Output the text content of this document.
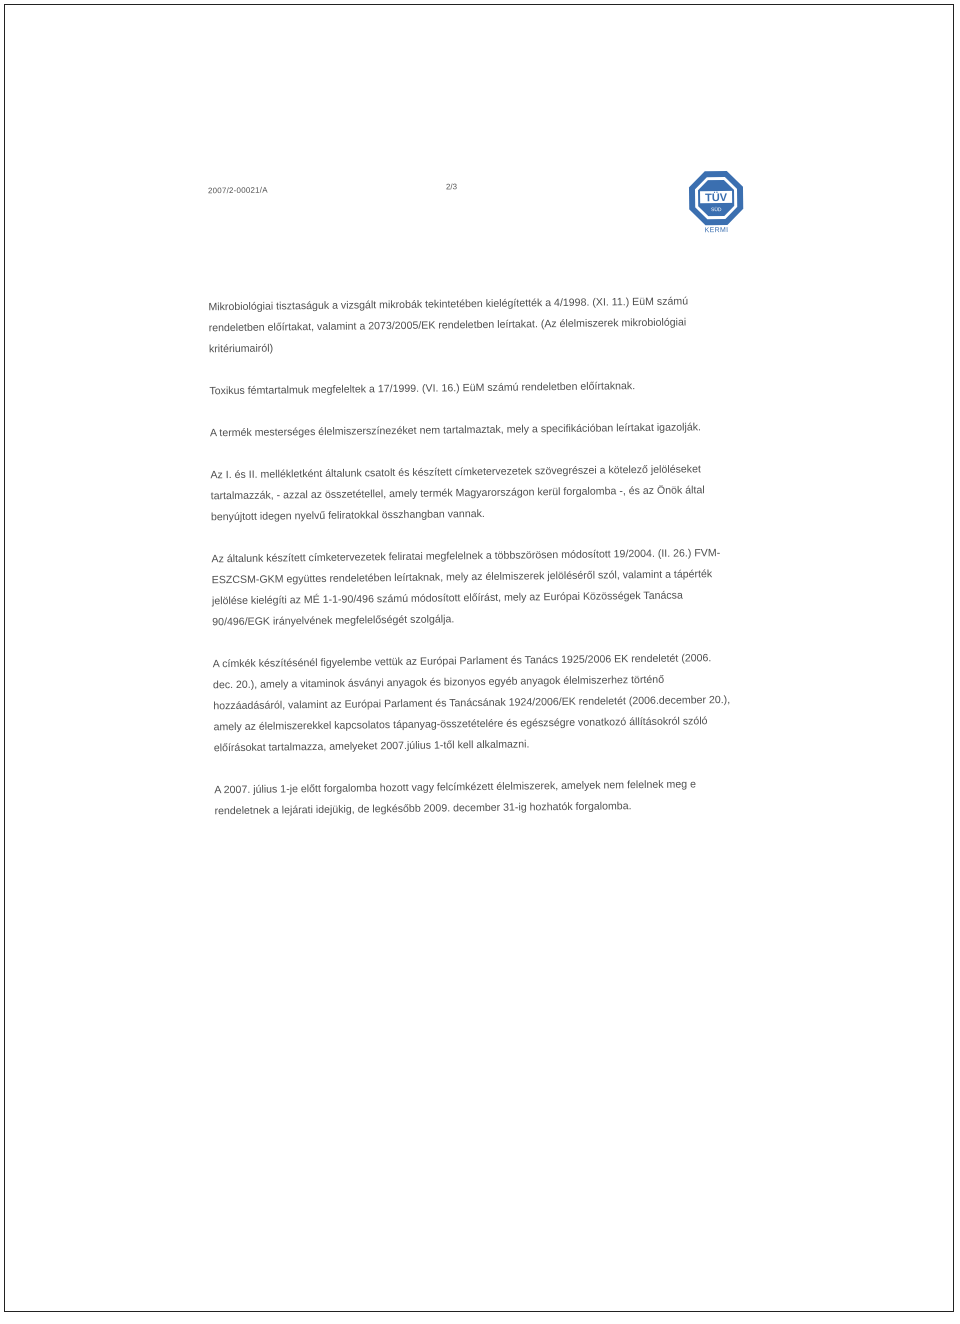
2007/2-00021/A	2/3
TÜV
SÜD
KERMI

Mikrobiológiai tisztaságuk a vizsgált mikrobák tekintetében kielégítették a 4/1998. (XI. 11.) EüM számú rendeletben előírtakat, valamint a 2073/2005/EK rendeletben leírtakat. (Az élelmiszerek mikrobiológiai kritériumairól)

Toxikus fémtartalmuk megfeleltek a 17/1999. (VI. 16.) EüM számú rendeletben előírtaknak.

A termék mesterséges élelmiszerszínezéket nem tartalmaztak, mely a specifikációban leírtakat igazolják.

Az I. és II. mellékletként általunk csatolt és készített címketervezetek szövegrészei a kötelező jelöléseket tartalmazzák, - azzal az összetétellel, amely termék Magyarországon kerül forgalomba -, és az Önök által benyújtott idegen nyelvű feliratokkal összhangban vannak.

Az általunk készített címketervezetek feliratai megfelelnek a többszörösen módosított 19/2004. (II. 26.) FVM-ESZCSM-GKM együttes rendeletében leírtaknak, mely az élelmiszerek jelöléséről szól, valamint a tápérték jelölése kielégíti az MÉ 1-1-90/496 számú módosított előírást, mely az Európai Közösségek Tanácsa 90/496/EGK irányelvének megfelelőségét szolgálja.

A címkék készítésénél figyelembe vettük az Európai Parlament és Tanács 1925/2006 EK rendeletét (2006. dec. 20.), amely a vitaminok ásványi anyagok és bizonyos egyéb anyagok élelmiszerhez történő hozzáadásáról, valamint az Európai Parlament és Tanácsának 1924/2006/EK rendeletét (2006.december 20.), amely az élelmiszerekkel kapcsolatos tápanyag-összetételére és egészségre vonatkozó állításokról szóló előírásokat tartalmazza, amelyeket 2007.július 1-től kell alkalmazni.

A 2007. július 1-je előtt forgalomba hozott vagy felcímkézett élelmiszerek, amelyek nem felelnek meg e rendeletnek a lejárati idejükig, de legkésőbb 2009. december 31-ig hozhatók forgalomba.
